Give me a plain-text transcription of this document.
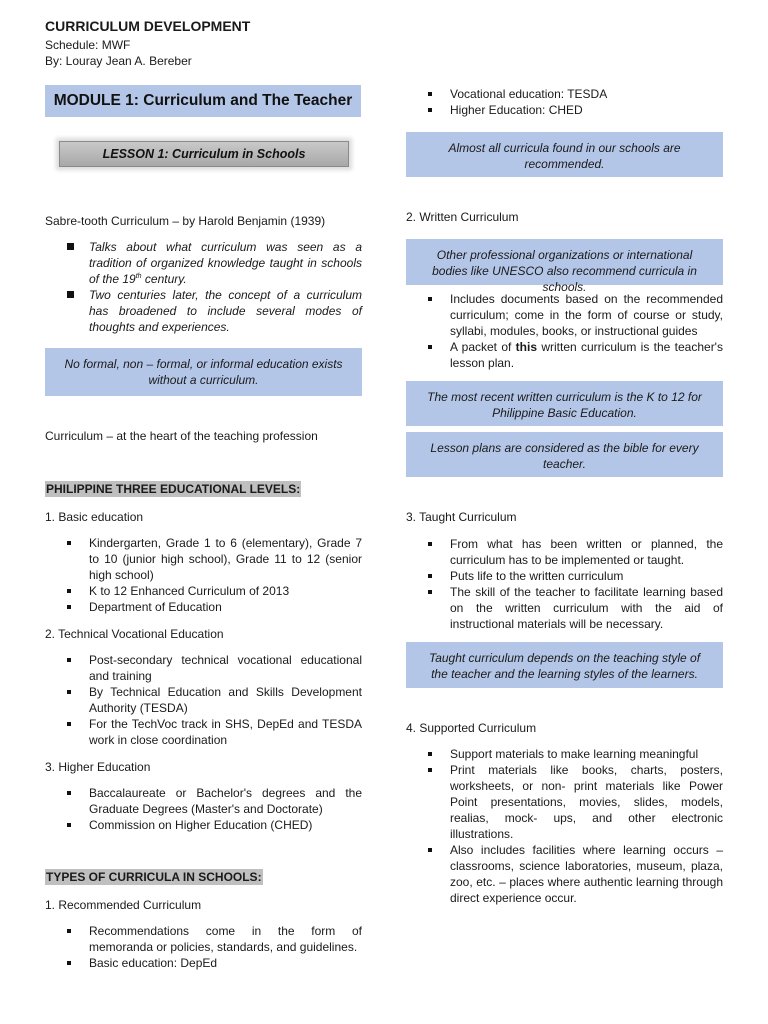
CURRICULUM DEVELOPMENT
Schedule: MWF
By: Louray Jean A. Bereber
MODULE 1: Curriculum and The Teacher
LESSON 1: Curriculum in Schools

Sabre-tooth Curriculum – by Harold Benjamin (1939)

Talks about what curriculum was seen as a tradition of organized knowledge taught in schools of the 19th century.
Two centuries later, the concept of a curriculum has broadened to include several modes of thoughts and experiences.
No formal, non – formal, or informal education exists without a curriculum.

Curriculum – at the heart of the teaching profession

PHILIPPINE THREE EDUCATIONAL LEVELS:

1. Basic education

Kindergarten, Grade 1 to 6 (elementary), Grade 7 to 10 (junior high school), Grade 11 to 12 (senior high school)
K to 12 Enhanced Curriculum of 2013
Department of Education

2. Technical Vocational Education

Post-secondary technical vocational educational and training
By Technical Education and Skills Development Authority (TESDA)
For the TechVoc track in SHS, DepEd and TESDA work in close coordination

3. Higher Education

Baccalaureate or Bachelor's degrees and the Graduate Degrees (Master's and Doctorate)
Commission on Higher Education (CHED)

TYPES OF CURRICULA IN SCHOOLS:

1. Recommended Curriculum

Recommendations come in the form of memoranda or policies, standards, and guidelines.
Basic education: DepEd
Vocational education: TESDA
Higher Education: CHED
Almost all curricula found in our schools are recommended.
2. Written Curriculum
Other professional organizations or international bodies like UNESCO also recommend curricula in schools.
Includes documents based on the recommended curriculum; come in the form of course or study, syllabi, modules, books, or instructional guides
A packet of this written curriculum is the teacher's lesson plan.
The most recent written curriculum is the K to 12 for Philippine Basic Education.
Lesson plans are considered as the bible for every teacher.
3. Taught Curriculum
From what has been written or planned, the curriculum has to be implemented or taught.
Puts life to the written curriculum
The skill of the teacher to facilitate learning based on the written curriculum with the aid of instructional materials will be necessary.
Taught curriculum depends on the teaching style of the teacher and the learning styles of the learners.
4. Supported Curriculum
Support materials to make learning meaningful
Print materials like books, charts, posters, worksheets, or non- print materials like Power Point presentations, movies, slides, models, realias, mock- ups, and other electronic illustrations.
Also includes facilities where learning occurs – classrooms, science laboratories, museum, plaza, zoo, etc. – places where authentic learning through direct experience occur.
